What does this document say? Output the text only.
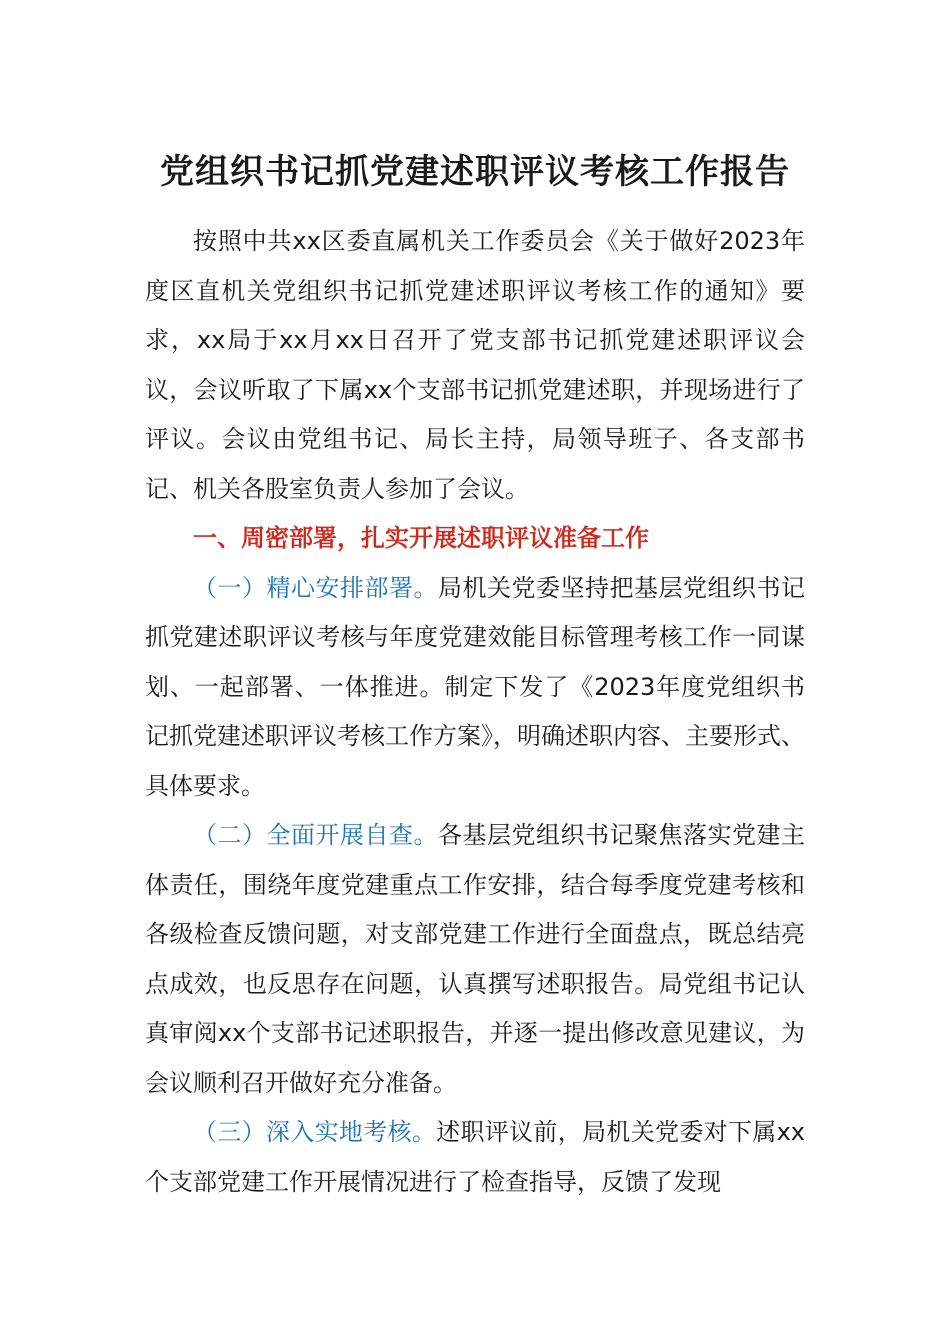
党组织书记抓党建述职评议考核工作报告

按照中共xx区委直属机关工作委员会《关于做好2023年度区直机关党组织书记抓党建述职评议考核工作的通知》要求，xx局于xx月xx日召开了党支部书记抓党建述职评议会议，会议听取了下属xx个支部书记抓党建述职，并现场进行了评议。会议由党组书记、局长主持，局领导班子、各支部书记、机关各股室负责人参加了会议。

一、周密部署，扎实开展述职评议准备工作

（一）精心安排部署。局机关党委坚持把基层党组织书记抓党建述职评议考核与年度党建效能目标管理考核工作一同谋划、一起部署、一体推进。制定下发了《2023年度党组织书记抓党建述职评议考核工作方案》，明确述职内容、主要形式、具体要求。

（二）全面开展自查。各基层党组织书记聚焦落实党建主体责任，围绕年度党建重点工作安排，结合每季度党建考核和各级检查反馈问题，对支部党建工作进行全面盘点，既总结亮点成效，也反思存在问题，认真撰写述职报告。局党组书记认真审阅xx个支部书记述职报告，并逐一提出修改意见建议，为会议顺利召开做好充分准备。

（三）深入实地考核。述职评议前，局机关党委对下属xx个支部党建工作开展情况进行了检查指导，反馈了发现
